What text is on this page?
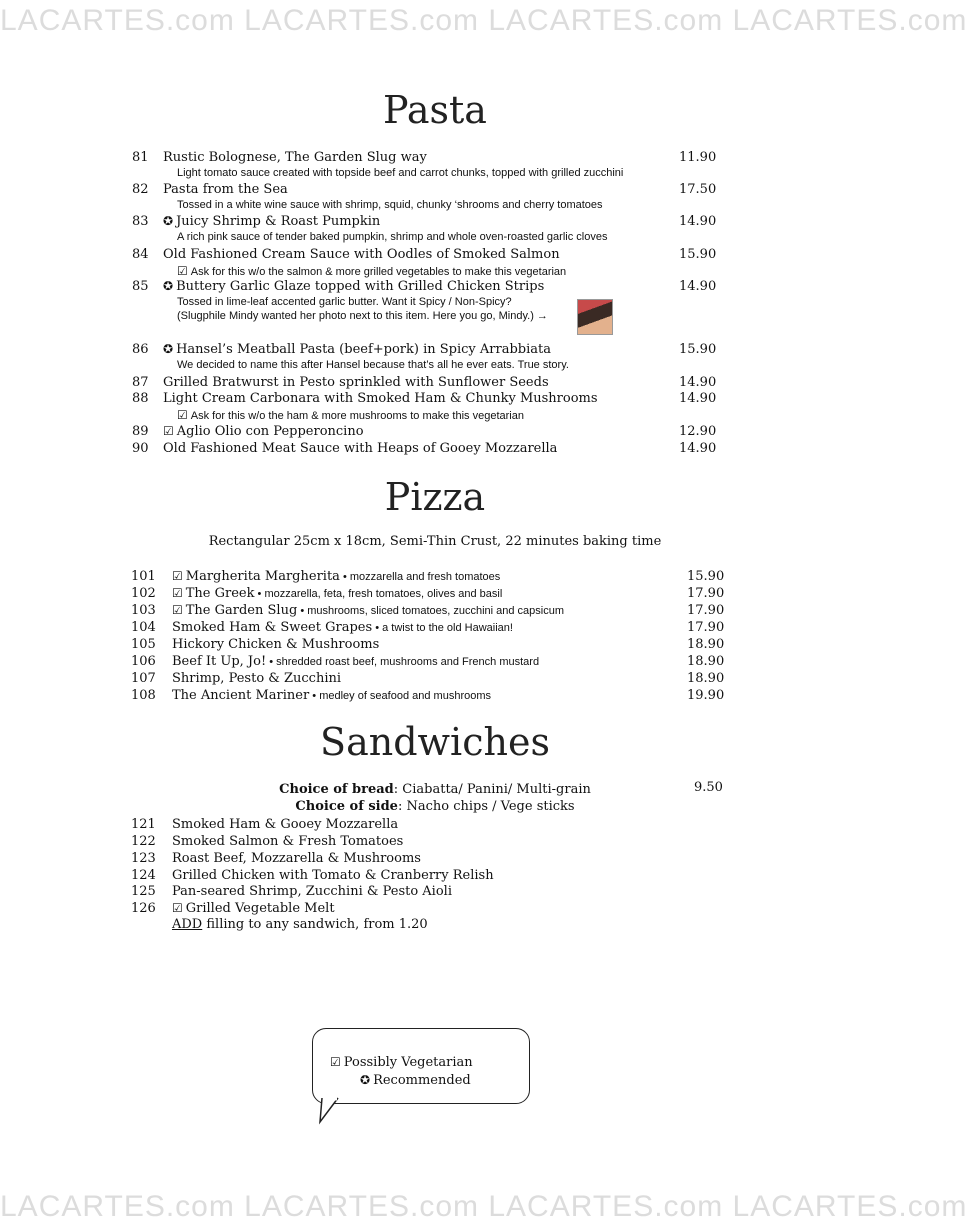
LACARTES.com LACARTES.com LACARTES.com LACARTES.com
Pasta
81 Rustic Bolognese, The Garden Slug way	11.90
Light tomato sauce created with topside beef and carrot chunks, topped with grilled zucchini
82 Pasta from the Sea	17.50
Tossed in a white wine sauce with shrimp, squid, chunky ‘shrooms and cherry tomatoes
83 ✪ Juicy Shrimp & Roast Pumpkin	14.90
A rich pink sauce of tender baked pumpkin, shrimp and whole oven-roasted garlic cloves
84 Old Fashioned Cream Sauce with Oodles of Smoked Salmon	15.90
☑ Ask for this w/o the salmon & more grilled vegetables to make this vegetarian
85 ✪ Buttery Garlic Glaze topped with Grilled Chicken Strips	14.90
Tossed in lime-leaf accented garlic butter. Want it Spicy / Non-Spicy?
(Slugphile Mindy wanted her photo next to this item. Here you go, Mindy.) →
86 ✪ Hansel’s Meatball Pasta (beef+pork) in Spicy Arrabbiata	15.90
We decided to name this after Hansel because that’s all he ever eats. True story.
87 Grilled Bratwurst in Pesto sprinkled with Sunflower Seeds	14.90
88 Light Cream Carbonara with Smoked Ham & Chunky Mushrooms	14.90
☑ Ask for this w/o the ham & more mushrooms to make this vegetarian
89 ☑ Aglio Olio con Pepperoncino	12.90
90 Old Fashioned Meat Sauce with Heaps of Gooey Mozzarella	14.90
Pizza
Rectangular 25cm x 18cm, Semi-Thin Crust, 22 minutes baking time
101 ☑ Margherita Margherita • mozzarella and fresh tomatoes	15.90
102 ☑ The Greek • mozzarella, feta, fresh tomatoes, olives and basil	17.90
103 ☑ The Garden Slug • mushrooms, sliced tomatoes, zucchini and capsicum	17.90
104 Smoked Ham & Sweet Grapes • a twist to the old Hawaiian!	17.90
105 Hickory Chicken & Mushrooms	18.90
106 Beef It Up, Jo! • shredded roast beef, mushrooms and French mustard	18.90
107 Shrimp, Pesto & Zucchini	18.90
108 The Ancient Mariner • medley of seafood and mushrooms	19.90
Sandwiches
Choice of bread: Ciabatta/ Panini/ Multi-grain	9.50
Choice of side: Nacho chips / Vege sticks
121 Smoked Ham & Gooey Mozzarella
122 Smoked Salmon & Fresh Tomatoes
123 Roast Beef, Mozzarella & Mushrooms
124 Grilled Chicken with Tomato & Cranberry Relish
125 Pan-seared Shrimp, Zucchini & Pesto Aioli
126 ☑ Grilled Vegetable Melt
ADD filling to any sandwich, from 1.20
☑ Possibly Vegetarian
✪ Recommended
LACARTES.com LACARTES.com LACARTES.com LACARTES.com
